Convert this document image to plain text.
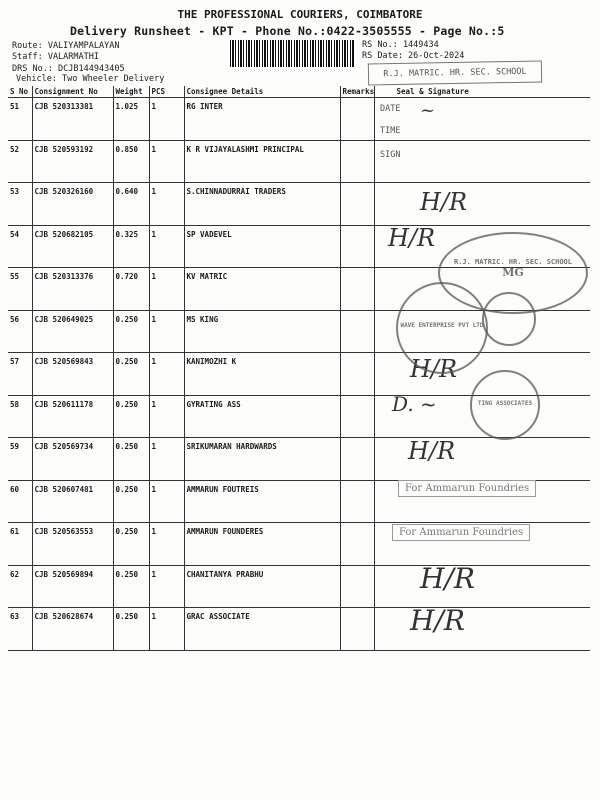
THE PROFESSIONAL COURIERS, COIMBATORE
Delivery Runsheet - KPT - Phone No.:0422-3505555 - Page No.:5
Route: VALIYAMPALAYAN
Staff: VALARMATHI
DRS No.: DCJB144943405
Vehicle: Two Wheeler Delivery
RS No.: 1449434
RS Date: 26-Oct-2024
R.J. MATRIC. HR. SEC. SCHOOL
S No	Consignment No	Weight	PCS	Consignee Details	Remarks	Seal & Signature
51	CJB 520313381	1.025	1	RG INTER		
52	CJB 520593192	0.850	1	K R VIJAYALASHMI PRINCIPAL		
53	CJB 520326160	0.640	1	S.CHINNADURRAI TRADERS		
54	CJB 520682105	0.325	1	SP VADEVEL		
55	CJB 520313376	0.720	1	KV MATRIC		
56	CJB 520649025	0.250	1	MS KING		
57	CJB 520569843	0.250	1	KANIMOZHI K		
58	CJB 520611178	0.250	1	GYRATING ASS		
59	CJB 520569734	0.250	1	SRIKUMARAN HARDWARDS		
60	CJB 520607481	0.250	1	AMMARUN FOUTREIS		
61	CJB 520563553	0.250	1	AMMARUN FOUNDERES		
62	CJB 520569894	0.250	1	CHANITANYA PRABHU		
63	CJB 520628674	0.250	1	GRAC ASSOCIATE		
DATE
TIME
SIGN
~
H/R
H/R
H/R
H/R
H/R
H/R
R.J. MATRIC. HR. SEC. SCHOOL
MG
WAVE ENTERPRISE PVT LTD
TING ASSOCIATES
D. ~
For Ammarun Foundries
For Ammarun Foundries
